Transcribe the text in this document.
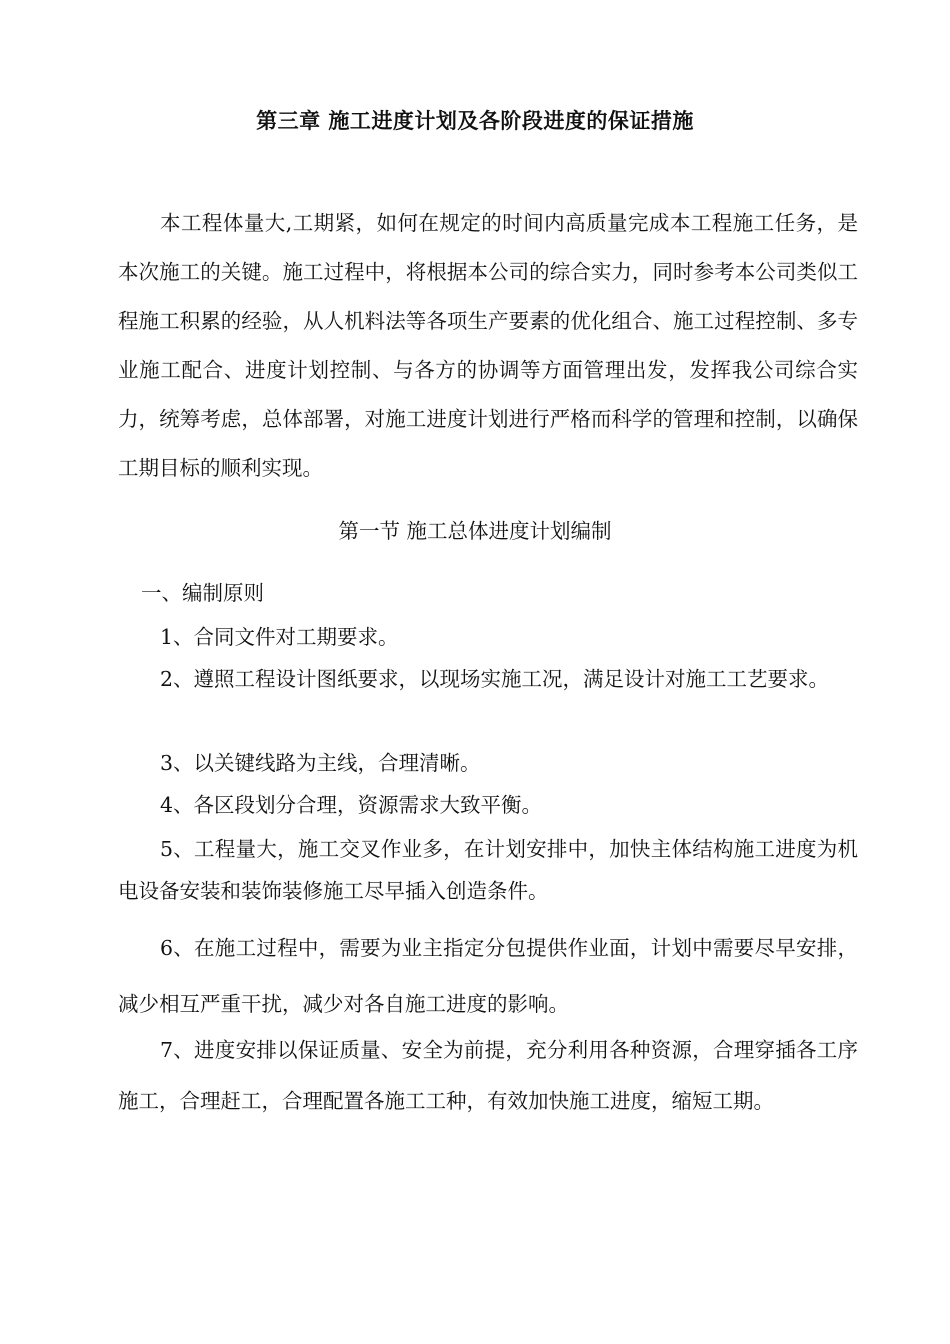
第三章 施工进度计划及各阶段进度的保证措施

本工程体量大,工期紧，如何在规定的时间内高质量完成本工程施工任务，是本次施工的关键。施工过程中，将根据本公司的综合实力，同时参考本公司类似工程施工积累的经验，从人机料法等各项生产要素的优化组合、施工过程控制、多专业施工配合、进度计划控制、与各方的协调等方面管理出发，发挥我公司综合实力，统筹考虑，总体部署，对施工进度计划进行严格而科学的管理和控制，以确保工期目标的顺利实现。

第一节 施工总体进度计划编制

一、编制原则

1、合同文件对工期要求。

2、遵照工程设计图纸要求，以现场实施工况，满足设计对施工工艺要求。

3、以关键线路为主线，合理清晰。

4、各区段划分合理，资源需求大致平衡。

5、工程量大，施工交叉作业多，在计划安排中，加快主体结构施工进度为机电设备安装和装饰装修施工尽早插入创造条件。

6、在施工过程中，需要为业主指定分包提供作业面，计划中需要尽早安排，减少相互严重干扰，减少对各自施工进度的影响。

7、进度安排以保证质量、安全为前提，充分利用各种资源，合理穿插各工序施工，合理赶工，合理配置各施工工种，有效加快施工进度，缩短工期。
